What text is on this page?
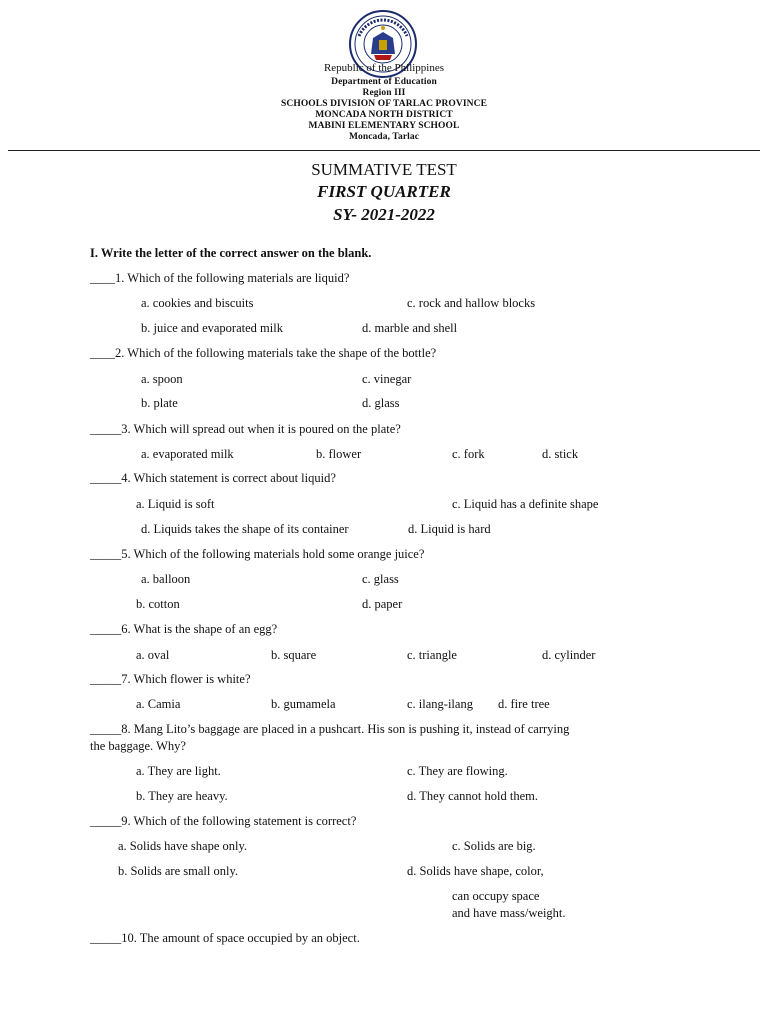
Republic of the Philippines
Department of Education
Region III
SCHOOLS DIVISION OF TARLAC PROVINCE
MONCADA NORTH DISTRICT
MABINI ELEMENTARY SCHOOL
Moncada, Tarlac
SUMMATIVE TEST
FIRST QUARTER
SY- 2021-2022
I. Write the letter of the correct answer on the blank.
____1. Which of the following materials are liquid?
a. cookies and biscuits	c. rock and hallow blocks
b. juice and evaporated milk	d. marble and shell
____2. Which of the following materials take the shape of the bottle?
a. spoon	c. vinegar
b. plate	d. glass
_____3. Which will spread out when it is poured on the plate?
a. evaporated milk	b. flower	c. fork	d. stick
_____4. Which statement is correct about liquid?
a. Liquid is soft	c. Liquid has a definite shape
d. Liquids takes the shape of its container	d. Liquid is hard
_____5. Which of the following materials hold some orange juice?
a. balloon	c. glass
b. cotton	d. paper
_____6. What is the shape of an egg?
a. oval	b. square	c. triangle	d. cylinder
_____7. Which flower is white?
a. Camia	b. gumamela	c. ilang-ilang d. fire tree
_____8. Mang Lito’s baggage are placed in a pushcart. His son is pushing it, instead of carrying
the baggage. Why?
a. They are light.	c. They are flowing.
b. They are heavy.	d. They cannot hold them.
_____9. Which of the following statement is correct?
a. Solids have shape only.	c. Solids are big.
b. Solids are small only.	d. Solids have shape, color,
can occupy space
and have mass/weight.
_____10. The amount of space occupied by an object.
